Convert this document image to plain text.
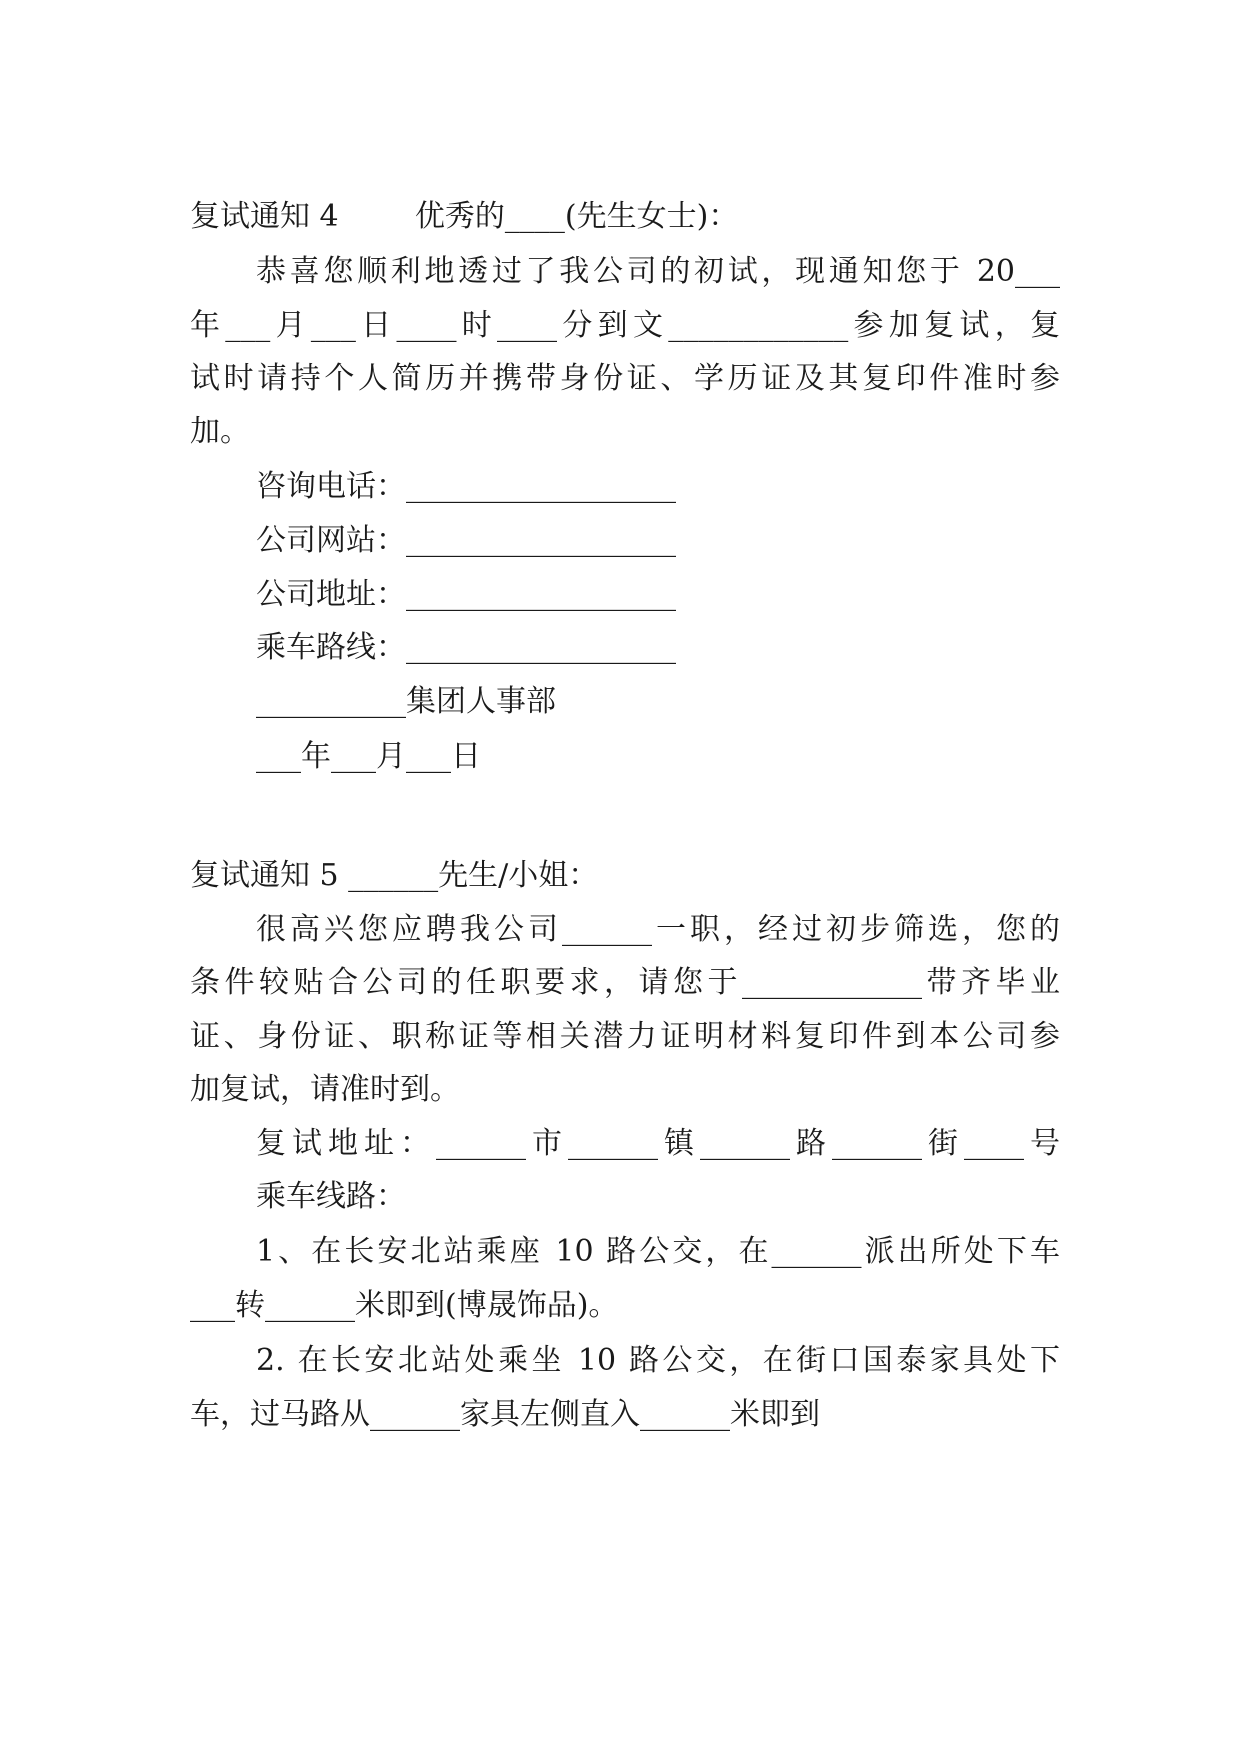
复试通知 4        优秀的____(先生女士)：
恭喜您顺利地透过了我公司的初试，现通知您于 20___
年___月___日____时____分到文____________参加复试，复
试时请持个人简历并携带身份证、学历证及其复印件准时参
加。
咨询电话：__________________
公司网站：__________________
公司地址：__________________
乘车路线：__________________
__________集团人事部
___年___月___日
复试通知 5 ______先生/小姐：
很高兴您应聘我公司______一职，经过初步筛选，您的
条件较贴合公司的任职要求，请您于____________带齐毕业
证、身份证、职称证等相关潜力证明材料复印件到本公司参
加复试，请准时到。
复试地址：______市______镇______路______街____号
乘车线路：
1、在长安北站乘座 10 路公交，在______派出所处下车
___转______米即到(博晟饰品)。
2. 在长安北站处乘坐 10 路公交，在街口国泰家具处下
车，过马路从______家具左侧直入______米即到
